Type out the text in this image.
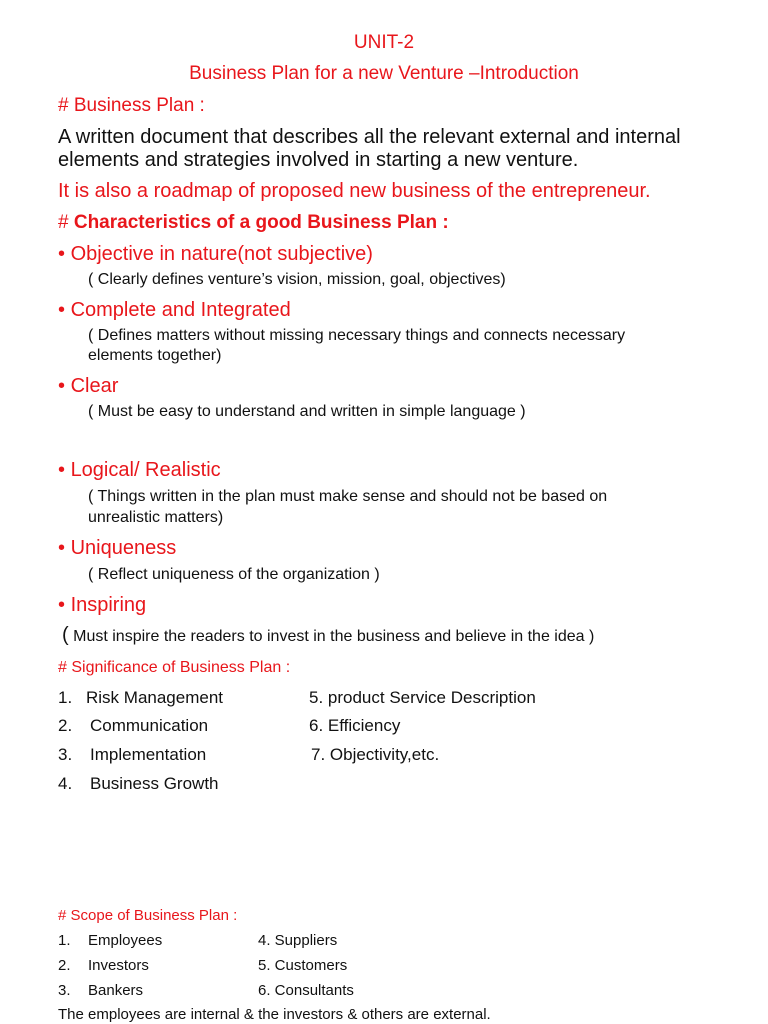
UNIT-2
Business Plan for a new Venture –Introduction
# Business Plan :
A written document that describes all the relevant external and internal
elements and strategies involved in starting a new venture.
It is also a roadmap of proposed new business of the entrepreneur.
# Characteristics of a good Business Plan :
• Objective in nature(not subjective)
( Clearly defines venture’s vision, mission, goal, objectives)
• Complete and Integrated
( Defines matters without missing necessary things and connects necessary
elements together)
• Clear
( Must be easy to understand and written in simple language )
• Logical/ Realistic
( Things written in the plan must make sense and should not be based on
unrealistic matters)
• Uniqueness
( Reflect uniqueness of the organization )
• Inspiring
( Must inspire the readers to invest in the business and believe in the idea )
# Significance of Business Plan :
1. Risk Management
2. Communication
3. Implementation
4. Business Growth
5. product Service Description
6. Efficiency
7. Objectivity,etc.
# Scope of Business Plan :
1. Employees
2. Investors
3. Bankers
4. Suppliers
5. Customers
6. Consultants
The employees are internal & the investors & others are external.
